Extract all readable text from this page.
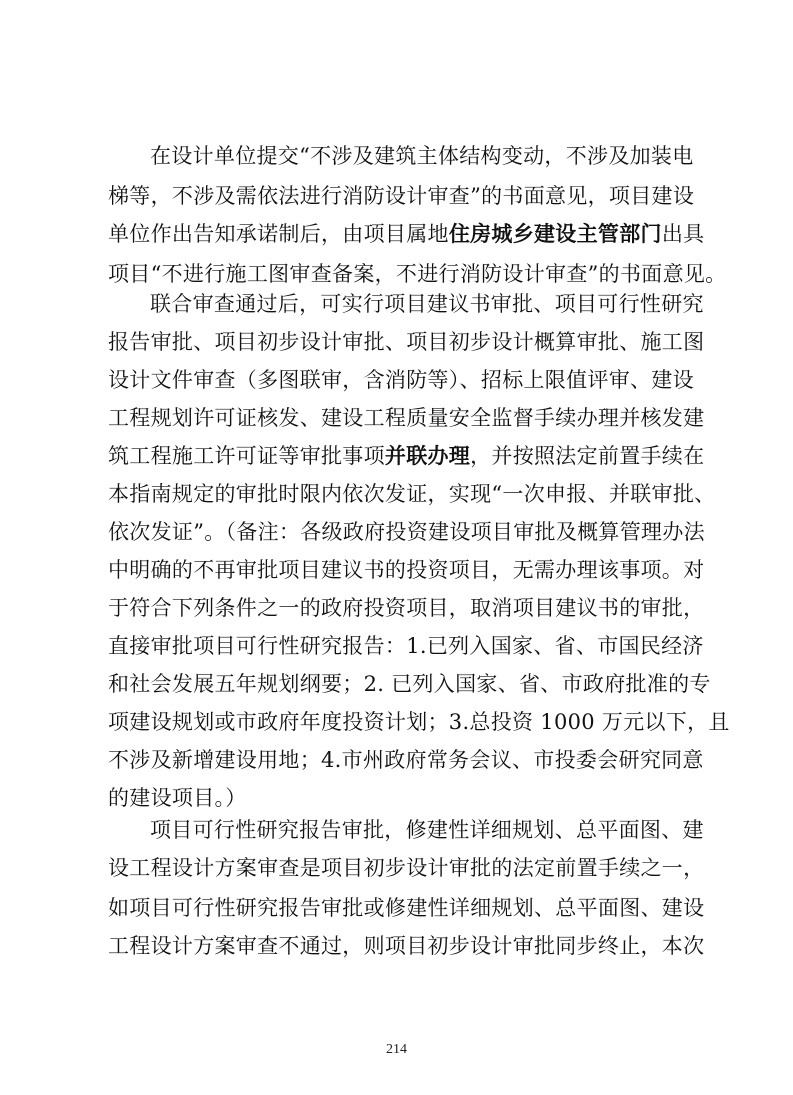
在设计单位提交“不涉及建筑主体结构变动，不涉及加装电
梯等，不涉及需依法进行消防设计审查”的书面意见，项目建设
单位作出告知承诺制后，由项目属地住房城乡建设主管部门出具
项目“不进行施工图审查备案，不进行消防设计审查”的书面意见。
联合审查通过后，可实行项目建议书审批、项目可行性研究
报告审批、项目初步设计审批、项目初步设计概算审批、施工图
设计文件审查（多图联审，含消防等）、招标上限值评审、建设
工程规划许可证核发、建设工程质量安全监督手续办理并核发建
筑工程施工许可证等审批事项并联办理，并按照法定前置手续在
本指南规定的审批时限内依次发证，实现“一次申报、并联审批、
依次发证”。（备注：各级政府投资建设项目审批及概算管理办法
中明确的不再审批项目建议书的投资项目，无需办理该事项。对
于符合下列条件之一的政府投资项目，取消项目建议书的审批，
直接审批项目可行性研究报告：1.已列入国家、省、市国民经济
和社会发展五年规划纲要；2. 已列入国家、省、市政府批准的专
项建设规划或市政府年度投资计划；3.总投资 1000 万元以下，且
不涉及新增建设用地；4.市州政府常务会议、市投委会研究同意
的建设项目。）
项目可行性研究报告审批，修建性详细规划、总平面图、建
设工程设计方案审查是项目初步设计审批的法定前置手续之一，
如项目可行性研究报告审批或修建性详细规划、总平面图、建设
工程设计方案审查不通过，则项目初步设计审批同步终止，本次
214
